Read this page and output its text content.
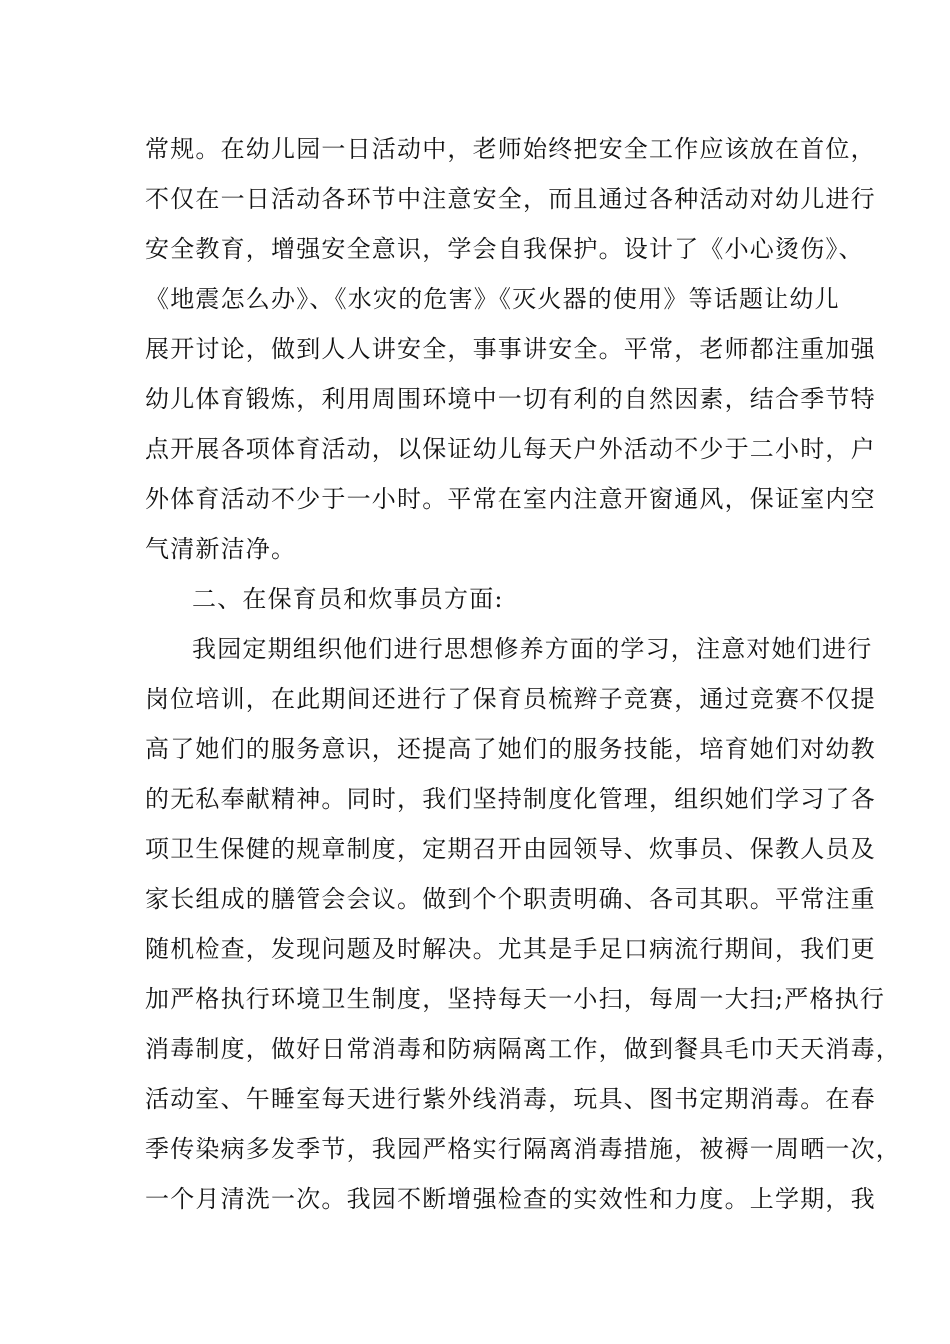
常规。在幼儿园一日活动中，老师始终把安全工作应该放在首位，
不仅在一日活动各环节中注意安全，而且通过各种活动对幼儿进行
安全教育，增强安全意识，学会自我保护。设计了《小心烫伤》、
《地震怎么办》、《水灾的危害》《灭火器的使用》等话题让幼儿
展开讨论，做到人人讲安全，事事讲安全。平常，老师都注重加强
幼儿体育锻炼，利用周围环境中一切有利的自然因素，结合季节特
点开展各项体育活动，以保证幼儿每天户外活动不少于二小时，户
外体育活动不少于一小时。平常在室内注意开窗通风，保证室内空
气清新洁净。
二、在保育员和炊事员方面:
我园定期组织他们进行思想修养方面的学习，注意对她们进行
岗位培训，在此期间还进行了保育员梳辫子竞赛，通过竞赛不仅提
高了她们的服务意识，还提高了她们的服务技能，培育她们对幼教
的无私奉献精神。同时，我们坚持制度化管理，组织她们学习了各
项卫生保健的规章制度，定期召开由园领导、炊事员、保教人员及
家长组成的膳管会会议。做到个个职责明确、各司其职。平常注重
随机检查，发现问题及时解决。尤其是手足口病流行期间，我们更
加严格执行环境卫生制度，坚持每天一小扫，每周一大扫;严格执行
消毒制度，做好日常消毒和防病隔离工作，做到餐具毛巾天天消毒，
活动室、午睡室每天进行紫外线消毒，玩具、图书定期消毒。在春
季传染病多发季节，我园严格实行隔离消毒措施，被褥一周晒一次，
一个月清洗一次。我园不断增强检查的实效性和力度。上学期，我
